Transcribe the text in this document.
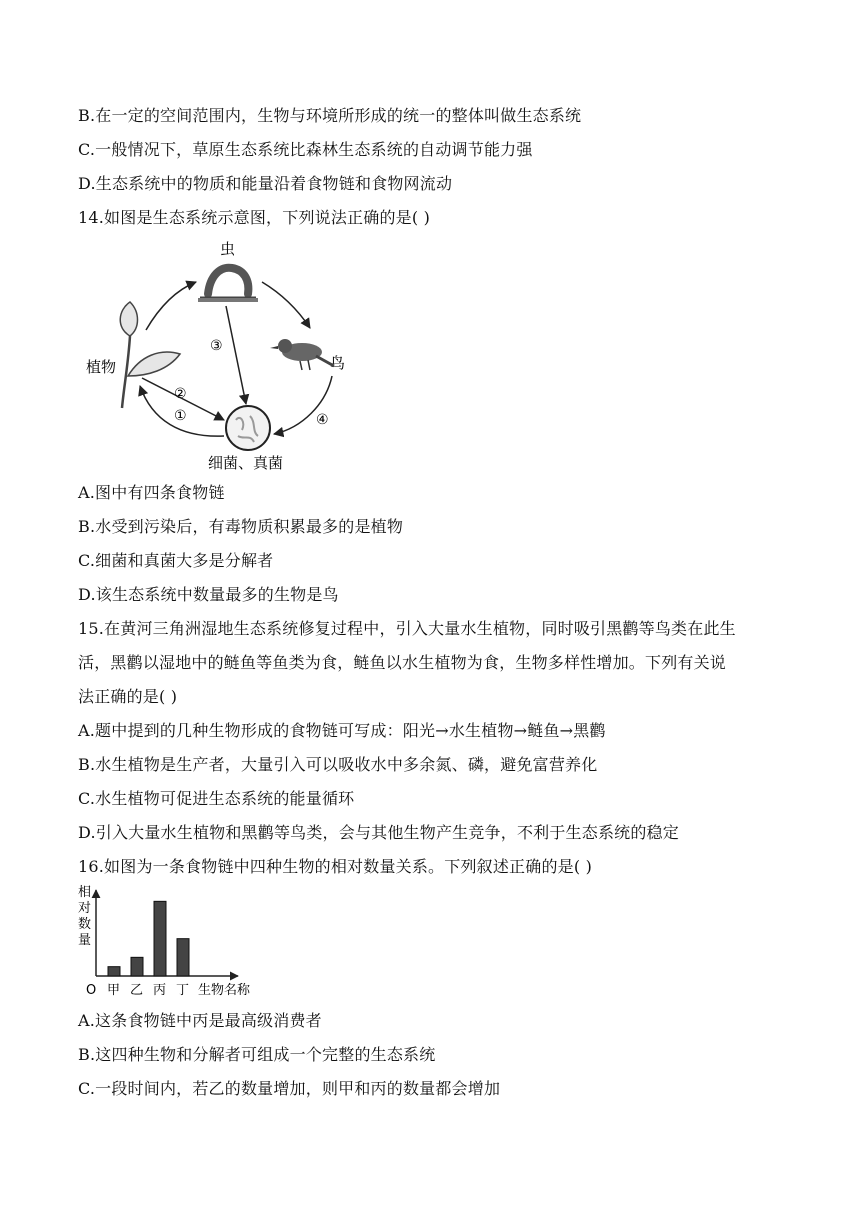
B.在一定的空间范围内，生物与环境所形成的统一的整体叫做生态系统
C.一般情况下，草原生态系统比森林生态系统的自动调节能力强
D.生态系统中的物质和能量沿着食物链和食物网流动
14.如图是生态系统示意图，下列说法正确的是( )
虫
鸟
植物
细菌、真菌
③
②
①	④
A.图中有四条食物链
B.水受到污染后，有毒物质积累最多的是植物
C.细菌和真菌大多是分解者
D.该生态系统中数量最多的生物是鸟
15.在黄河三角洲湿地生态系统修复过程中，引入大量水生植物，同时吸引黑鹳等鸟类在此生
活，黑鹳以湿地中的鲢鱼等鱼类为食，鲢鱼以水生植物为食，生物多样性增加。下列有关说
法正确的是( )
A.题中提到的几种生物形成的食物链可写成：阳光→水生植物→鲢鱼→黑鹳
B.水生植物是生产者，大量引入可以吸收水中多余氮、磷，避免富营养化
C.水生植物可促进生态系统的能量循环
D.引入大量水生植物和黑鹳等鸟类，会与其他生物产生竞争，不利于生态系统的稳定
16.如图为一条食物链中四种生物的相对数量关系。下列叙述正确的是( )
相
对
数
量
O 甲 乙 丙 丁 生物名称
A.这条食物链中丙是最高级消费者
B.这四种生物和分解者可组成一个完整的生态系统
C.一段时间内，若乙的数量增加，则甲和丙的数量都会增加
